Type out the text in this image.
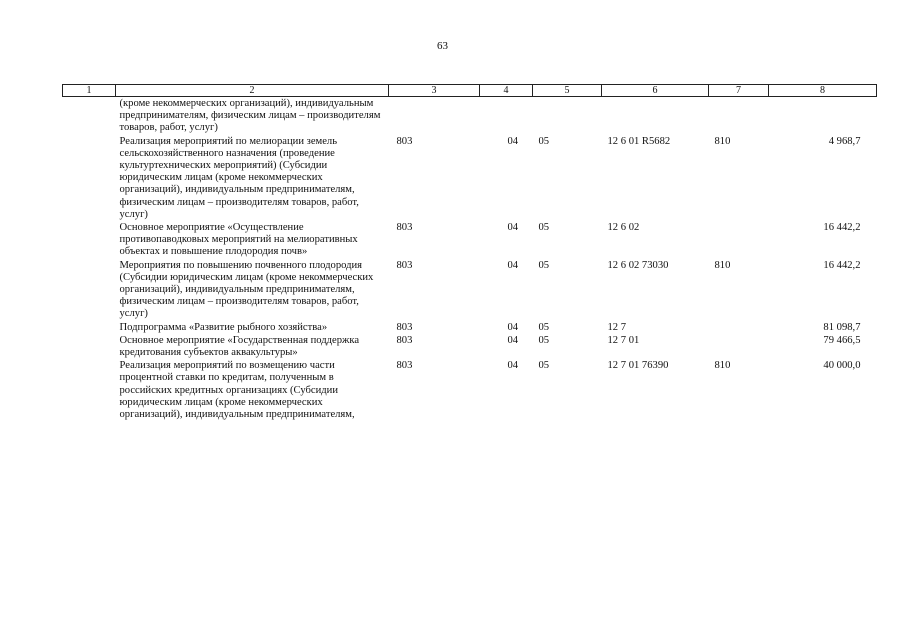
63
1	2	3	4	5	6	7	8
(кроме некоммерческих организаций), индивидуальным предпринимателям, физическим лицам – производителям товаров, работ, услуг)							
Реализация мероприятий по мелиорации земель сельскохозяйственного назначения (проведение культуртехнических мероприятий) (Субсидии юридическим лицам (кроме некоммерческих организаций), индивидуальным предпринимателям, физическим лицам – производителям товаров, работ, услуг)		803	04	05	12 6 01 R5682	810	4 968,7
Основное мероприятие «Осуществление противопаводковых мероприятий на мелиоративных объектах и повышение плодородия почв»		803	04	05	12 6 02		16 442,2
Мероприятия по повышению почвенного плодородия (Субсидии юридическим лицам (кроме некоммерческих организаций), индивидуальным предпринимателям, физическим лицам – производителям товаров, работ, услуг)		803	04	05	12 6 02 73030	810	16 442,2
Подпрограмма «Развитие рыбного хозяйства»		803	04	05	12 7		81 098,7
Основное мероприятие «Государственная поддержка кредитования субъектов аквакультуры»		803	04	05	12 7 01		79 466,5
Реализация мероприятий по возмещению части процентной ставки по кредитам, полученным в российских кредитных организациях (Субсидии юридическим лицам (кроме некоммерческих организаций), индивидуальным предпринимателям,		803	04	05	12 7 01 76390	810	40 000,0
